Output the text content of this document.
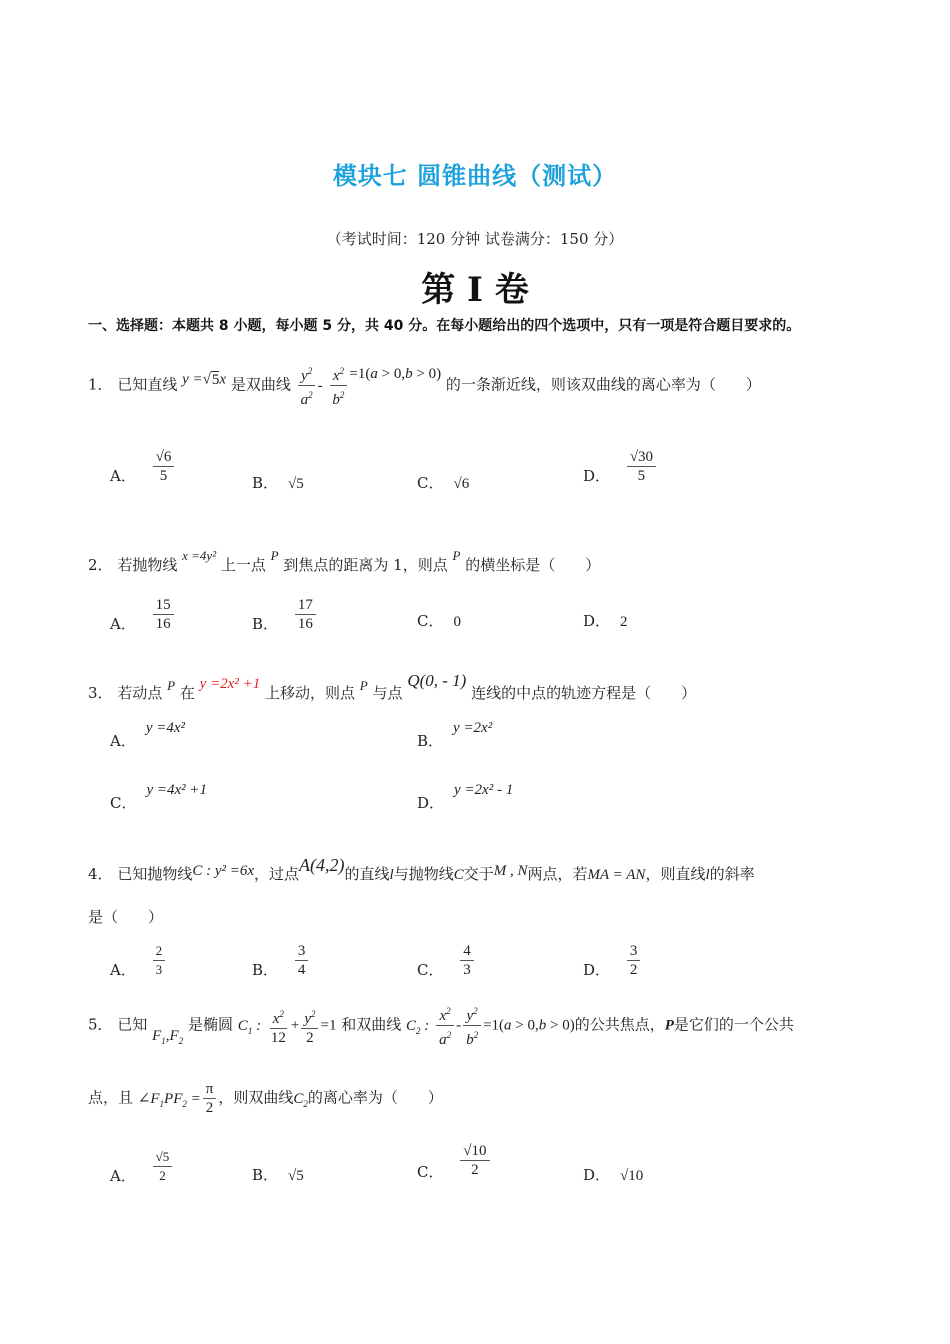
模块七 圆锥曲线（测试）
（考试时间：120 分钟 试卷满分：150 分）
第 I 卷
一、选择题：本题共 8 小题，每小题 5 分，共 40 分。在每小题给出的四个选项中，只有一项是符合题目要求的。
1． 已知直线 y =√5x 是双曲线 $\frac{y^2}{a^2} - \frac{x^2}{b^2} =1(a > 0,b > 0)$ 的一条渐近线，则该双曲线的离心率为（　　）
A． $\frac{√6}{5}$	B． √5	C． √6	D． $\frac{√30}{5}$
2． 若抛物线 x =4y² 上一点 P 到焦点的距离为 1，则点 P 的横坐标是（　　）
A． $\frac{15}{16}$	B． $\frac{17}{16}$	C． 0	D． 2
3． 若动点 P 在 y =2x² +1 上移动，则点 P 与点 Q(0, - 1) 连线的中点的轨迹方程是（　　）
A．y =4x²
B．y =2x²
C．y =4x² +1
D．y =2x² - 1
4． 已知抛物线C : y² =6x，过点A(4,2)的直线l与抛物线C交于M , N两点，若MA = AN，则直线l的斜率
是（　　）
A． $\frac{2}{3}$	B． $\frac{3}{4}$	C． $\frac{4}{3}$	D． $\frac{3}{2}$
5． 已知 $F_1,F_2$ 是椭圆 $C_1$ : $\frac{x^2}{12} + \frac{y^2}{2} =1$ 和双曲线 $C_2$ : $\frac{x^2}{a^2} - \frac{y^2}{b^2} =1(a > 0,b > 0)$的公共焦点，P是它们的一个公共
点，且 $\angle F_1PF_2 = \frac{\pi}{2}$ ，则双曲线$C_2$的离心率为（　　）
A． $\frac{√5}{2}$	B． √5	C． $\frac{√10}{2}$	D． √10
